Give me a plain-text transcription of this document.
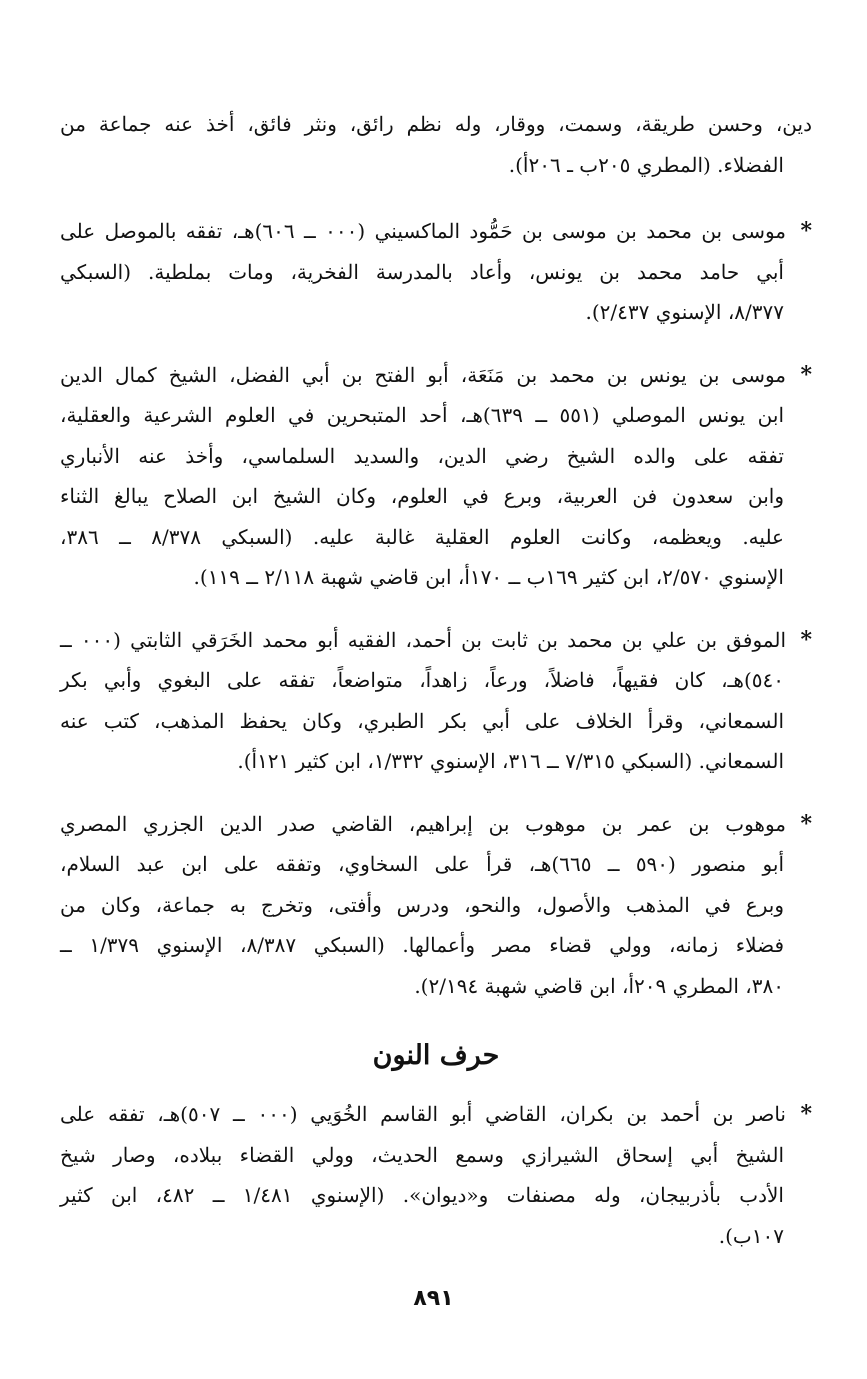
دين، وحسن طريقة، وسمت، ووقار، وله نظم رائق، ونثر فائق، أخذ عنه جماعة من
الفضلاء. (المطري ٢٠٥ب ـ ٢٠٦أ).
*موسى بن محمد بن موسى بن حَمُّود الماكسيني (٠٠٠ ــ ٦٠٦)هـ، تفقه بالموصل على
أبي حامد محمد بن يونس، وأعاد بالمدرسة الفخرية، ومات بملطية. (السبكي
٨/٣٧٧، الإسنوي ٢/٤٣٧).
*موسى بن يونس بن محمد بن مَنَعَة، أبو الفتح بن أبي الفضل، الشيخ كمال الدين
ابن يونس الموصلي (٥٥١ ــ ٦٣٩)هـ، أحد المتبحرين في العلوم الشرعية والعقلية،
تفقه على والده الشيخ رضي الدين، والسديد السلماسي، وأخذ عنه الأنباري
وابن سعدون فن العربية، وبرع في العلوم، وكان الشيخ ابن الصلاح يبالغ الثناء
عليه. ويعظمه، وكانت العلوم العقلية غالبة عليه. (السبكي ٨/٣٧٨ ــ ٣٨٦،
الإسنوي ٢/٥٧٠، ابن كثير ١٦٩ب ــ ١٧٠أ، ابن قاضي شهبة ٢/١١٨ ــ ١١٩).
*الموفق بن علي بن محمد بن ثابت بن أحمد، الفقيه أبو محمد الخَرَقي الثابتي (٠٠٠ ــ
٥٤٠)هـ، كان فقيهاً، فاضلاً، ورعاً، زاهداً، متواضعاً، تفقه على البغوي وأبي بكر
السمعاني، وقرأ الخلاف على أبي بكر الطبري، وكان يحفظ المذهب، كتب عنه
السمعاني. (السبكي ٧/٣١٥ ــ ٣١٦، الإسنوي ١/٣٣٢، ابن كثير ١٢١أ).
*موهوب بن عمر بن موهوب بن إبراهيم، القاضي صدر الدين الجزري المصري
أبو منصور (٥٩٠ ــ ٦٦٥)هـ، قرأ على السخاوي، وتفقه على ابن عبد السلام،
وبرع في المذهب والأصول، والنحو، ودرس وأفتى، وتخرج به جماعة، وكان من
فضلاء زمانه، وولي قضاء مصر وأعمالها. (السبكي ٨/٣٨٧، الإسنوي ١/٣٧٩ ــ
٣٨٠، المطري ٢٠٩أ، ابن قاضي شهبة ٢/١٩٤).
حرف النون
*ناصر بن أحمد بن بكران، القاضي أبو القاسم الخُوَيي (٠٠٠ ــ ٥٠٧)هـ، تفقه على
الشيخ أبي إسحاق الشيرازي وسمع الحديث، وولي القضاء ببلاده، وصار شيخ
الأدب بأذربيجان، وله مصنفات و«ديوان». (الإسنوي ١/٤٨١ ــ ٤٨٢، ابن كثير
١٠٧ب).
٨٩١
